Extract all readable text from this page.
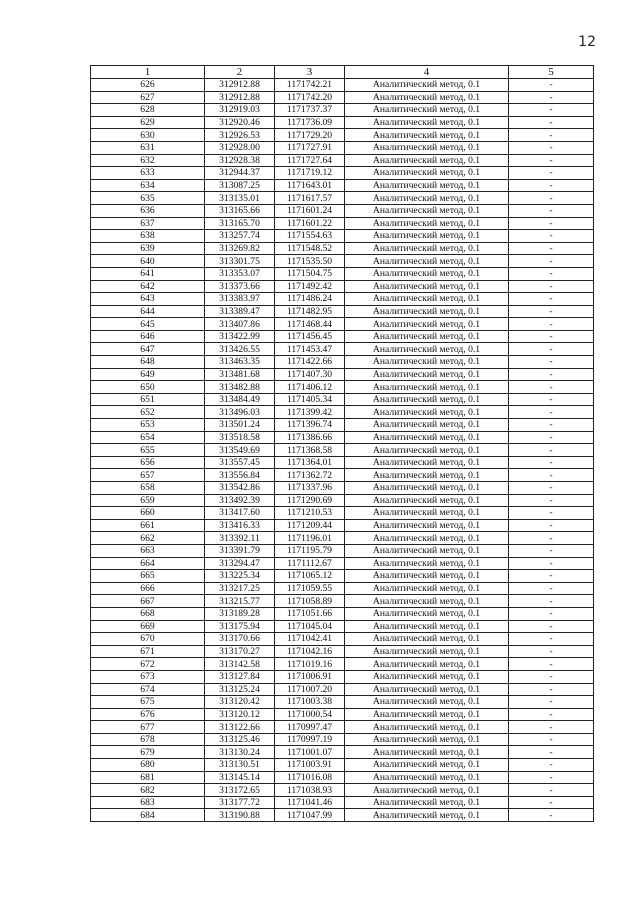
12
1	2	3	4	5
626	312912.88	1171742.21	Аналитический метод, 0.1	-
627	312912.88	1171742.20	Аналитический метод, 0.1	-
628	312919.03	1171737.37	Аналитический метод, 0.1	-
629	312920.46	1171736.09	Аналитический метод, 0.1	-
630	312926.53	1171729.20	Аналитический метод, 0.1	-
631	312928.00	1171727.91	Аналитический метод, 0.1	-
632	312928.38	1171727.64	Аналитический метод, 0.1	-
633	312944.37	1171719.12	Аналитический метод, 0.1	-
634	313087.25	1171643.01	Аналитический метод, 0.1	-
635	313135.01	1171617.57	Аналитический метод, 0.1	-
636	313165.66	1171601.24	Аналитический метод, 0.1	-
637	313165.70	1171601.22	Аналитический метод, 0.1	-
638	313257.74	1171554.63	Аналитический метод, 0.1	-
639	313269.82	1171548.52	Аналитический метод, 0.1	-
640	313301.75	1171535.50	Аналитический метод, 0.1	-
641	313353.07	1171504.75	Аналитический метод, 0.1	-
642	313373.66	1171492.42	Аналитический метод, 0.1	-
643	313383.97	1171486.24	Аналитический метод, 0.1	-
644	313389.47	1171482.95	Аналитический метод, 0.1	-
645	313407.86	1171468.44	Аналитический метод, 0.1	-
646	313422.99	1171456.45	Аналитический метод, 0.1	-
647	313426.55	1171453.47	Аналитический метод, 0.1	-
648	313463.35	1171422.66	Аналитический метод, 0.1	-
649	313481.68	1171407.30	Аналитический метод, 0.1	-
650	313482.88	1171406.12	Аналитический метод, 0.1	-
651	313484.49	1171405.34	Аналитический метод, 0.1	-
652	313496.03	1171399.42	Аналитический метод, 0.1	-
653	313501.24	1171396.74	Аналитический метод, 0.1	-
654	313518.58	1171386.66	Аналитический метод, 0.1	-
655	313549.69	1171368.58	Аналитический метод, 0.1	-
656	313557.45	1171364.01	Аналитический метод, 0.1	-
657	313556.84	1171362.72	Аналитический метод, 0.1	-
658	313542.86	1171337.96	Аналитический метод, 0.1	-
659	313492.39	1171290.69	Аналитический метод, 0.1	-
660	313417.60	1171210.53	Аналитический метод, 0.1	-
661	313416.33	1171209.44	Аналитический метод, 0.1	-
662	313392.11	1171196.01	Аналитический метод, 0.1	-
663	313391.79	1171195.79	Аналитический метод, 0.1	-
664	313294.47	1171112.67	Аналитический метод, 0.1	-
665	313225.34	1171065.12	Аналитический метод, 0.1	-
666	313217.25	1171059.55	Аналитический метод, 0.1	-
667	313215.77	1171058.89	Аналитический метод, 0.1	-
668	313189.28	1171051.66	Аналитический метод, 0.1	-
669	313175.94	1171045.04	Аналитический метод, 0.1	-
670	313170.66	1171042.41	Аналитический метод, 0.1	-
671	313170.27	1171042.16	Аналитический метод, 0.1	-
672	313142.58	1171019.16	Аналитический метод, 0.1	-
673	313127.84	1171006.91	Аналитический метод, 0.1	-
674	313125.24	1171007.20	Аналитический метод, 0.1	-
675	313120.42	1171003.38	Аналитический метод, 0.1	-
676	313120.12	1171000.54	Аналитический метод, 0.1	-
677	313122.66	1170997.47	Аналитический метод, 0.1	-
678	313125.46	1170997.19	Аналитический метод, 0.1	-
679	313130.24	1171001.07	Аналитический метод, 0.1	-
680	313130.51	1171003.91	Аналитический метод, 0.1	-
681	313145.14	1171016.08	Аналитический метод, 0.1	-
682	313172.65	1171038.93	Аналитический метод, 0.1	-
683	313177.72	1171041.46	Аналитический метод, 0.1	-
684	313190.88	1171047.99	Аналитический метод, 0.1	-
